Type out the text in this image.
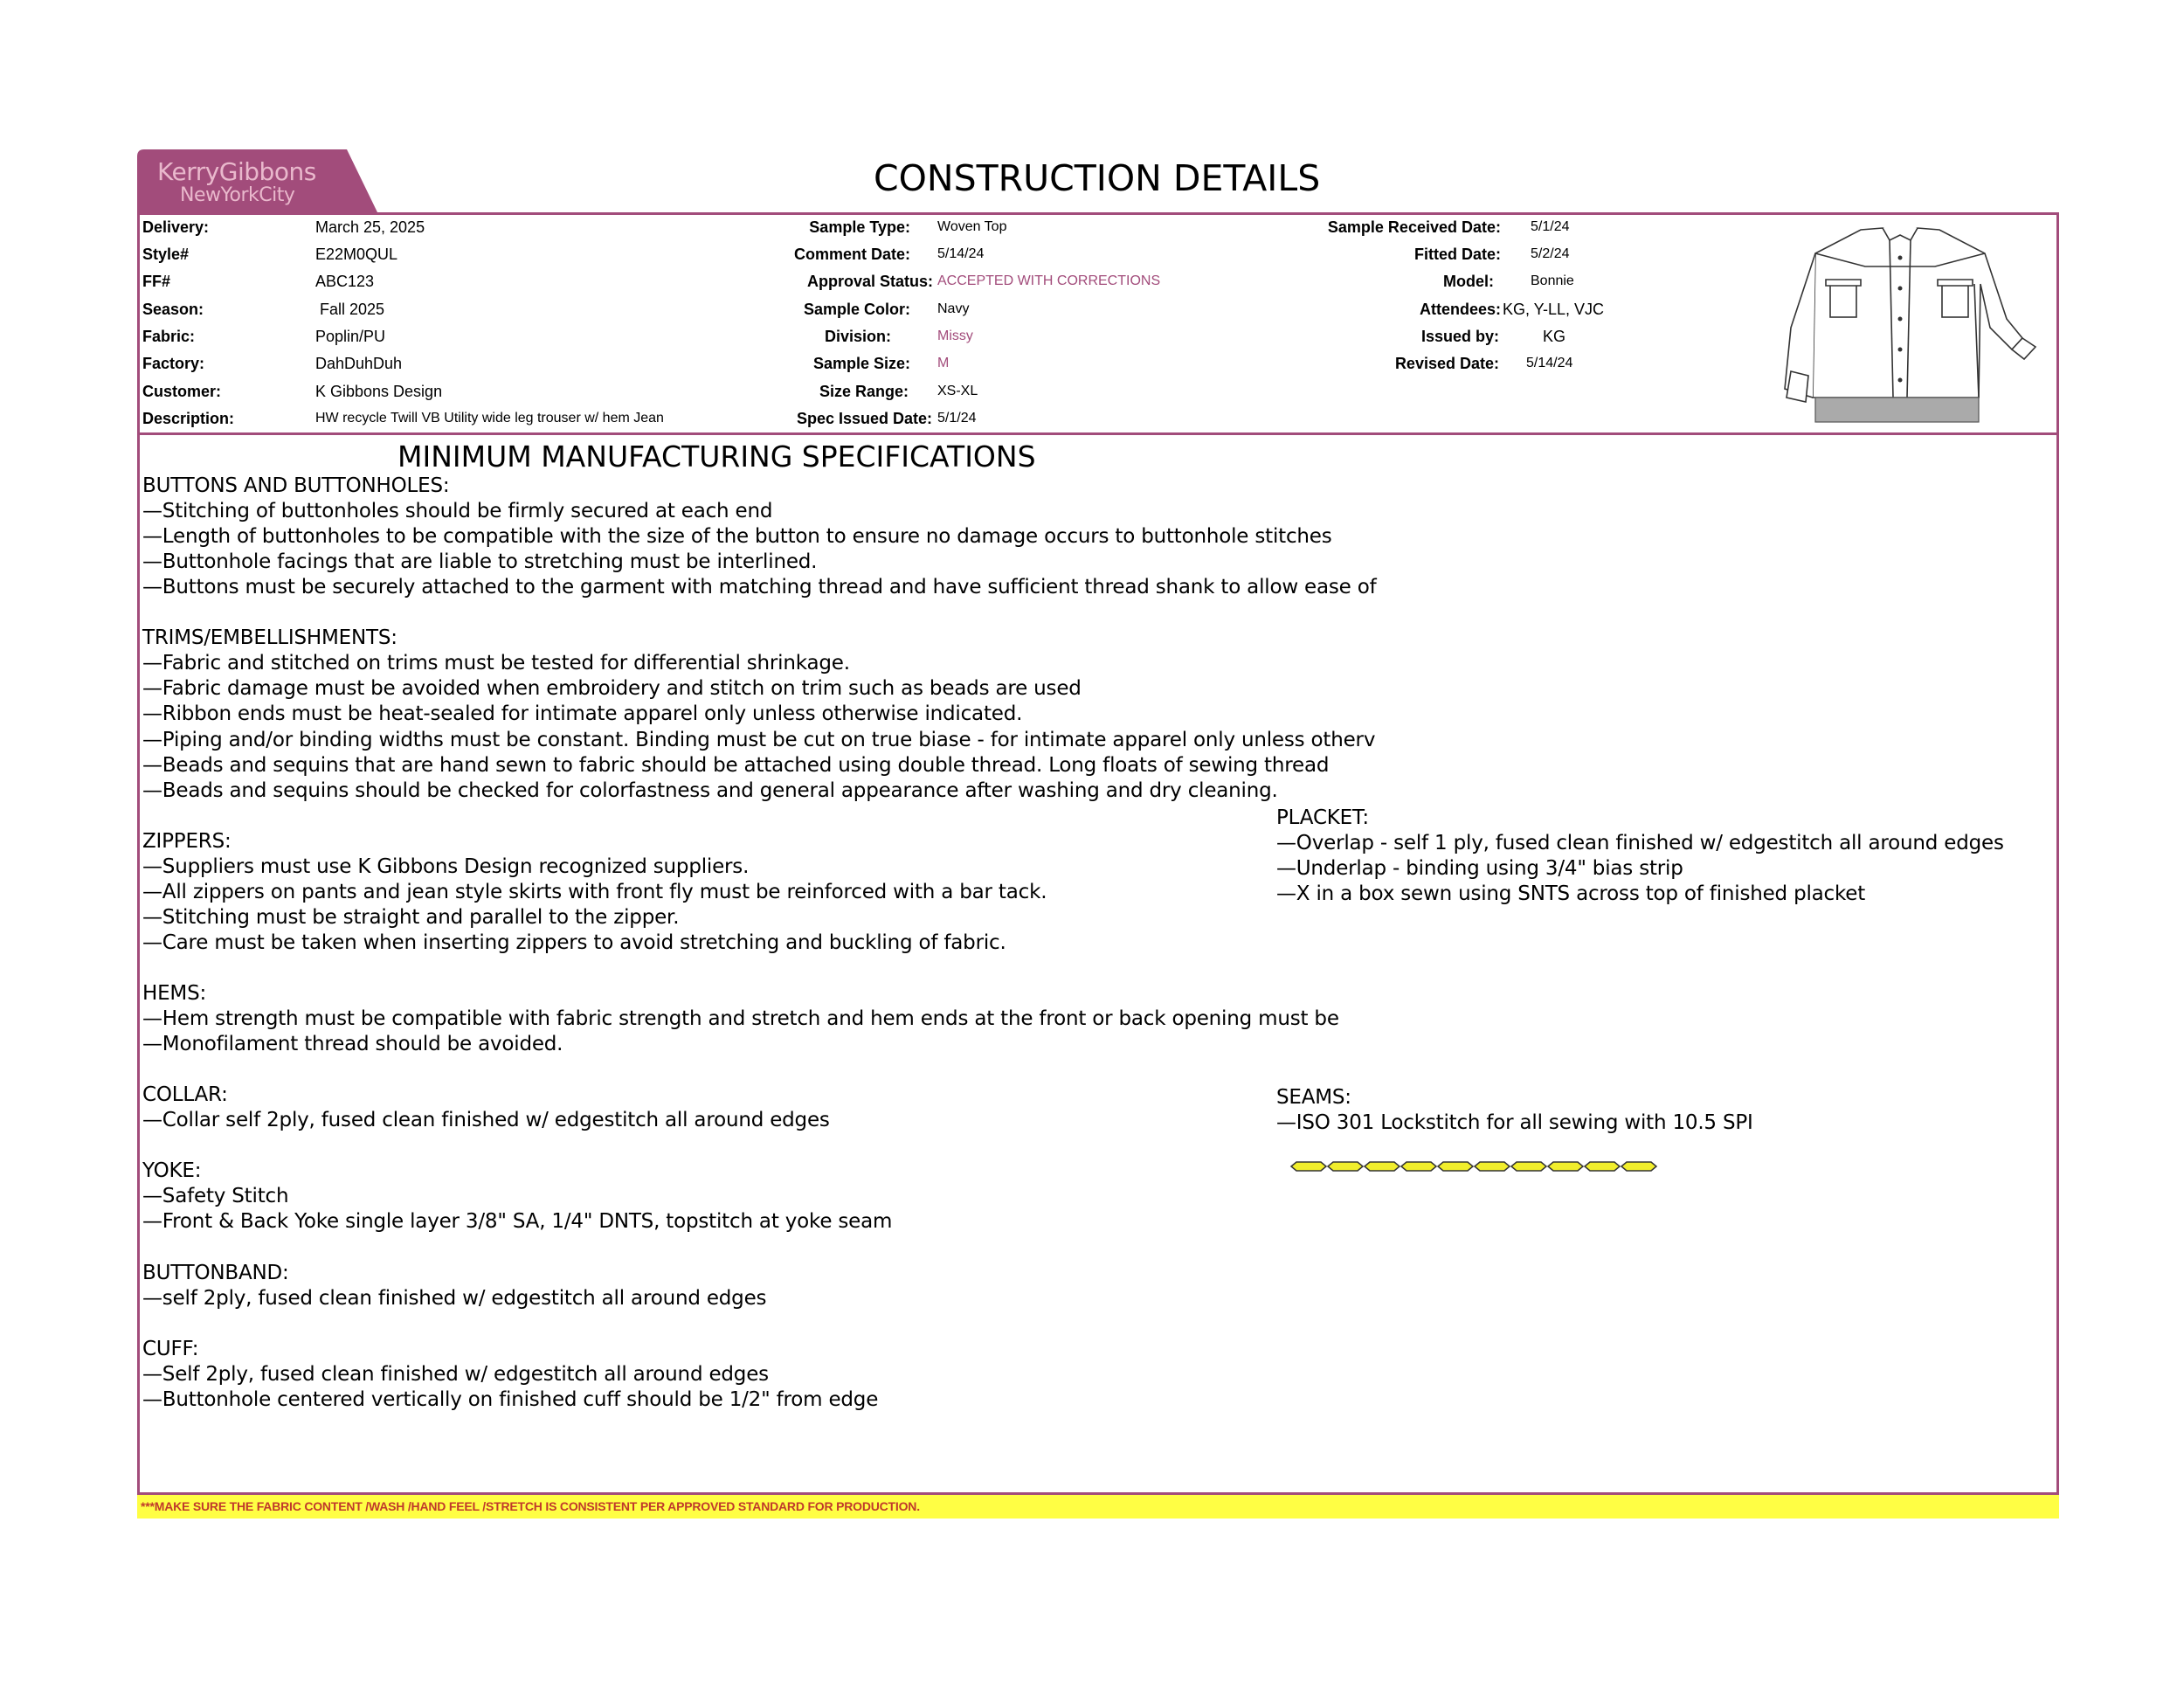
KerryGibbons
NewYorkCity	CONSTRUCTION DETAILS
Delivery:	March 25, 2025
Style#	E22M0QUL
FF#	ABC123
Season:	Fall 2025
Fabric:	Poplin/PU
Factory:	DahDuhDuh
Customer:	K Gibbons Design
Description:	HW recycle Twill VB Utility wide leg trouser w/ hem Jean
Sample Type: Woven Top
Comment Date: 5/14/24
Approval Status: ACCEPTED WITH CORRECTIONS
Sample Color: Navy
Division:	Missy
Sample Size: M
Size Range: XS-XL
Spec Issued Date: 5/1/24
Sample Received Date: 5/1/24
Fitted Date: 5/2/24
Model:	Bonnie
Attendees: KG, Y-LL, VJC
Issued by:	KG
Revised Date: 5/14/24
MINIMUM MANUFACTURING SPECIFICATIONS
BUTTONS AND BUTTONHOLES:
—Stitching of buttonholes should be firmly secured at each end
—Length of buttonholes to be compatible with the size of the button to ensure no damage occurs to buttonhole stitches
—Buttonhole facings that are liable to stretching must be interlined.
—Buttons must be securely attached to the garment with matching thread and have sufficient thread shank to allow ease of
TRIMS/EMBELLISHMENTS:
—Fabric and stitched on trims must be tested for differential shrinkage.
—Fabric damage must be avoided when embroidery and stitch on trim such as beads are used
—Ribbon ends must be heat-sealed for intimate apparel only unless otherwise indicated.
—Piping and/or binding widths must be constant. Binding must be cut on true biase - for intimate apparel only unless otherv
—Beads and sequins that are hand sewn to fabric should be attached using double thread. Long floats of sewing thread
—Beads and sequins should be checked for colorfastness and general appearance after washing and dry cleaning.
ZIPPERS:
—Suppliers must use K Gibbons Design recognized suppliers.
—All zippers on pants and jean style skirts with front fly must be reinforced with a bar tack.
—Stitching must be straight and parallel to the zipper.
—Care must be taken when inserting zippers to avoid stretching and buckling of fabric.
HEMS:
—Hem strength must be compatible with fabric strength and stretch and hem ends at the front or back opening must be
—Monofilament thread should be avoided.
COLLAR:
—Collar self 2ply, fused clean finished w/ edgestitch all around edges
YOKE:
—Safety Stitch
—Front & Back Yoke single layer 3/8" SA, 1/4" DNTS, topstitch at yoke seam
BUTTONBAND:
—self 2ply, fused clean finished w/ edgestitch all around edges
CUFF:
—Self 2ply, fused clean finished w/ edgestitch all around edges
—Buttonhole centered vertically on finished cuff should be 1/2" from edge
PLACKET:
—Overlap - self 1 ply, fused clean finished w/ edgestitch all around edges
—Underlap - binding using 3/4" bias strip
—X in a box sewn using SNTS across top of finished placket
SEAMS:
—ISO 301 Lockstitch for all sewing with 10.5 SPI
***MAKE SURE THE FABRIC CONTENT /WASH /HAND FEEL /STRETCH IS CONSISTENT PER APPROVED STANDARD FOR PRODUCTION.
